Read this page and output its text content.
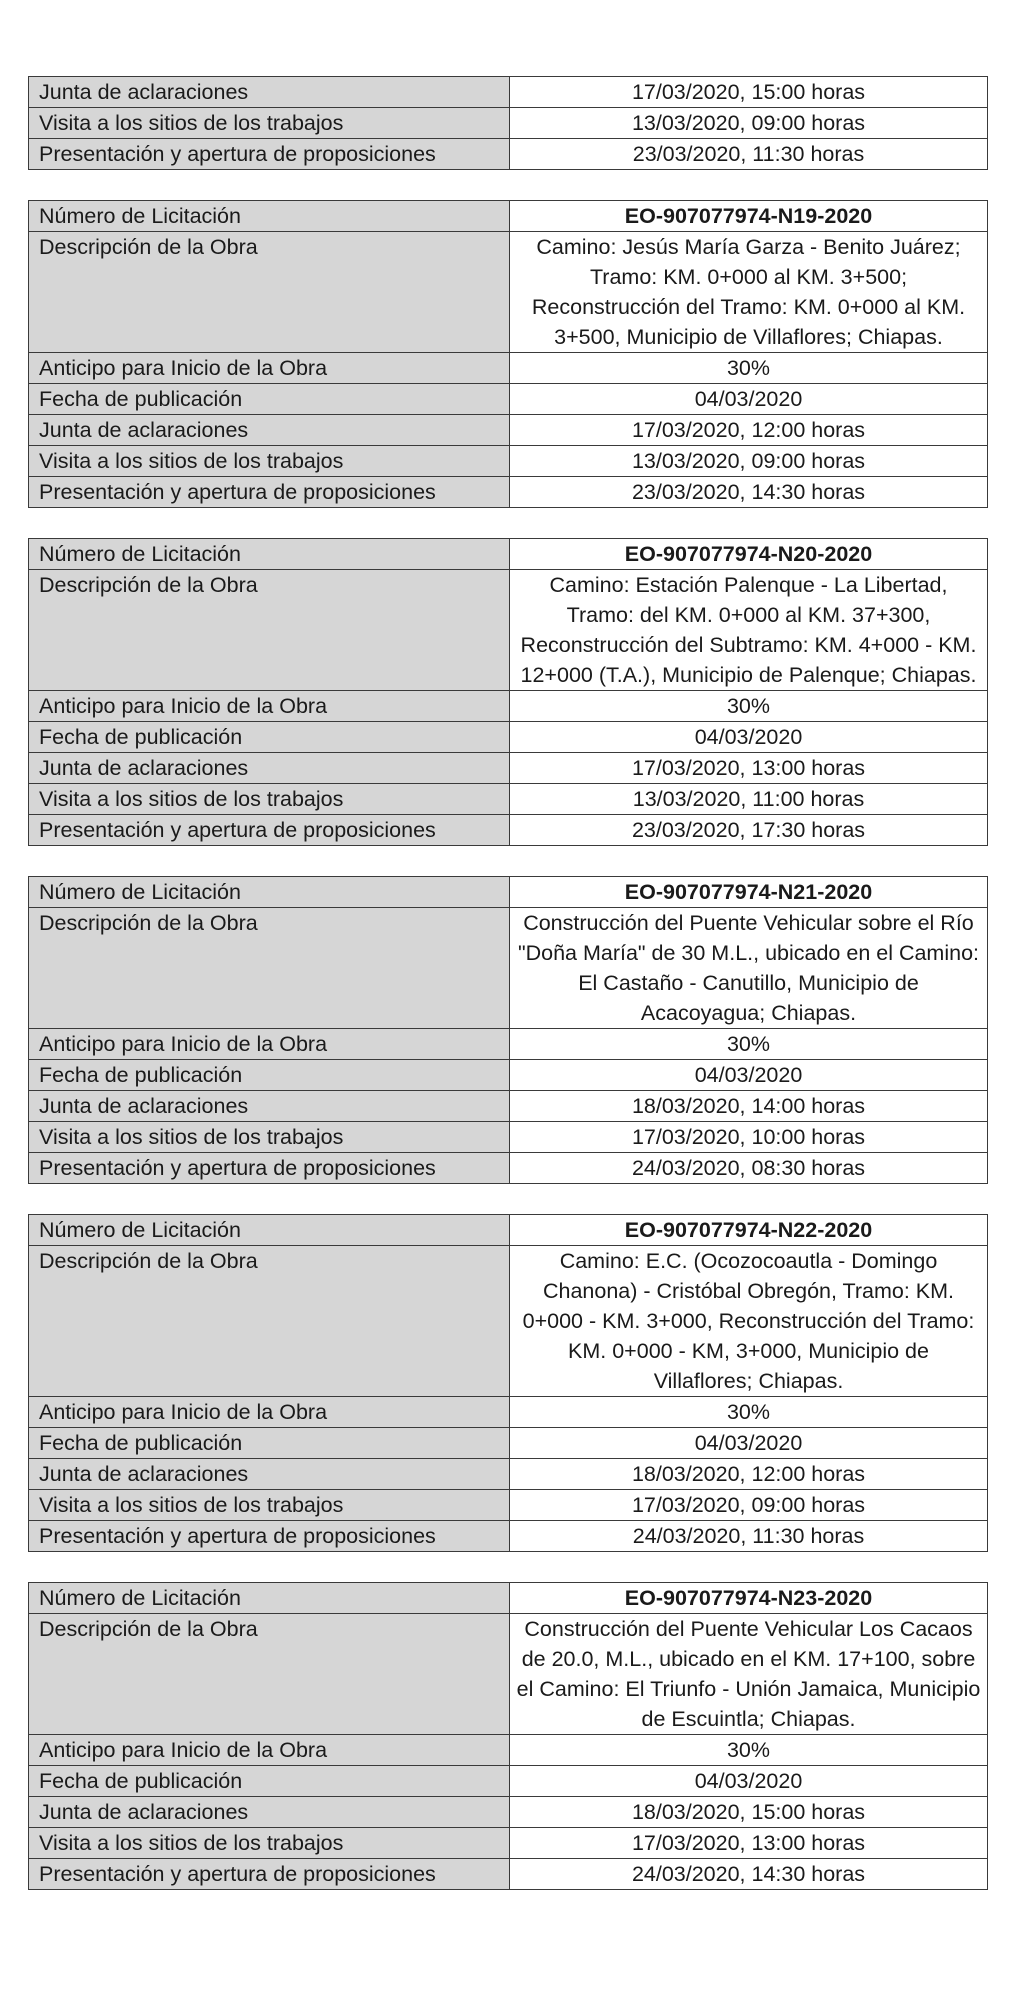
Junta de aclaraciones	17/03/2020, 15:00 horas
Visita a los sitios de los trabajos	13/03/2020, 09:00 horas
Presentación y apertura de proposiciones	23/03/2020, 11:30 horas
Número de Licitación	EO-907077974-N19-2020
Descripción de la Obra	Camino: Jesús María Garza - Benito Juárez; Tramo: KM. 0+000 al KM. 3+500; Reconstrucción del Tramo: KM. 0+000 al KM. 3+500, Municipio de Villaflores; Chiapas.
Anticipo para Inicio de la Obra	30%
Fecha de publicación	04/03/2020
Junta de aclaraciones	17/03/2020, 12:00 horas
Visita a los sitios de los trabajos	13/03/2020, 09:00 horas
Presentación y apertura de proposiciones	23/03/2020, 14:30 horas
Número de Licitación	EO-907077974-N20-2020
Descripción de la Obra	Camino: Estación Palenque - La Libertad, Tramo: del KM. 0+000 al KM. 37+300, Reconstrucción del Subtramo: KM. 4+000 - KM. 12+000 (T.A.), Municipio de Palenque; Chiapas.
Anticipo para Inicio de la Obra	30%
Fecha de publicación	04/03/2020
Junta de aclaraciones	17/03/2020, 13:00 horas
Visita a los sitios de los trabajos	13/03/2020, 11:00 horas
Presentación y apertura de proposiciones	23/03/2020, 17:30 horas
Número de Licitación	EO-907077974-N21-2020
Descripción de la Obra	Construcción del Puente Vehicular sobre el Río "Doña María" de 30 M.L., ubicado en el Camino: El Castaño - Canutillo, Municipio de Acacoyagua; Chiapas.
Anticipo para Inicio de la Obra	30%
Fecha de publicación	04/03/2020
Junta de aclaraciones	18/03/2020, 14:00 horas
Visita a los sitios de los trabajos	17/03/2020, 10:00 horas
Presentación y apertura de proposiciones	24/03/2020, 08:30 horas
Número de Licitación	EO-907077974-N22-2020
Descripción de la Obra	Camino: E.C. (Ocozocoautla - Domingo Chanona) - Cristóbal Obregón, Tramo: KM. 0+000 - KM. 3+000, Reconstrucción del Tramo: KM. 0+000 - KM, 3+000, Municipio de Villaflores; Chiapas.
Anticipo para Inicio de la Obra	30%
Fecha de publicación	04/03/2020
Junta de aclaraciones	18/03/2020, 12:00 horas
Visita a los sitios de los trabajos	17/03/2020, 09:00 horas
Presentación y apertura de proposiciones	24/03/2020, 11:30 horas
Número de Licitación	EO-907077974-N23-2020
Descripción de la Obra	Construcción del Puente Vehicular Los Cacaos de 20.0, M.L., ubicado en el KM. 17+100, sobre el Camino: El Triunfo - Unión Jamaica, Municipio de Escuintla; Chiapas.
Anticipo para Inicio de la Obra	30%
Fecha de publicación	04/03/2020
Junta de aclaraciones	18/03/2020, 15:00 horas
Visita a los sitios de los trabajos	17/03/2020, 13:00 horas
Presentación y apertura de proposiciones	24/03/2020, 14:30 horas
